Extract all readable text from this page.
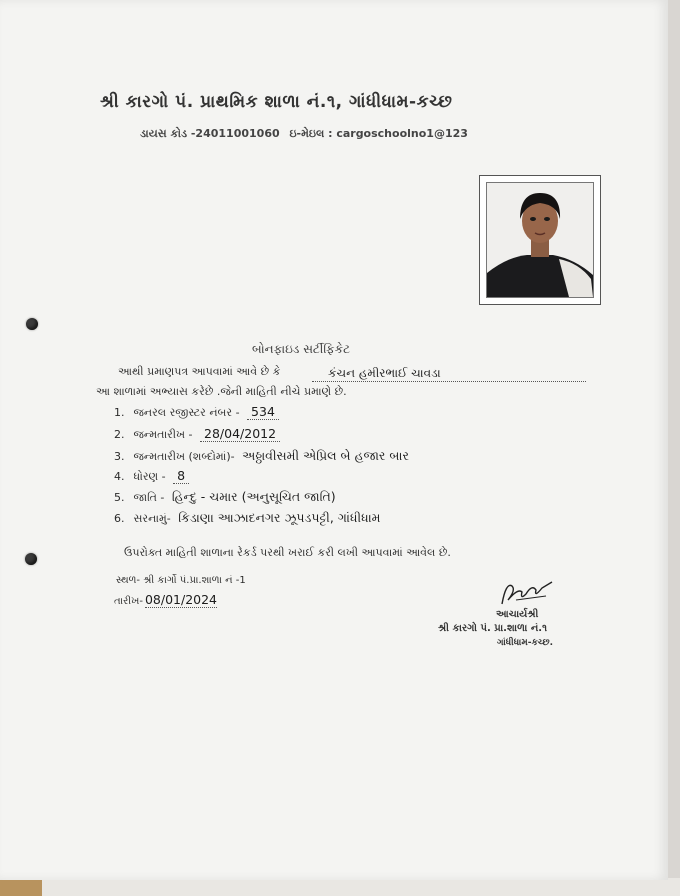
શ્રી કારગો પં. પ્રાથમિક શાળા નં.૧, ગાંધીધામ-કચ્છ
ડાયસ કોડ -24011001060 ઇ-મેઇલ : cargoschoolno1@123
બોનફાઇડ સર્ટીફિકેટ
આથી પ્રમાણપત્ર આપવામાં આવે છે કે	કંચન હમીરભાઈ ચાવડા
આ શાળામાં અભ્યાસ કરેછે .જેની માહિતી નીચે પ્રમાણે છે.
1. જનરલ રજીસ્ટર નંબર - 534
2. જન્મતારીખ - 28/04/2012
3. જન્મતારીખ (શબ્દોમાં)- અઠ્ઠાવીસમી એપ્રિલ બે હજાર બાર
4. ધોરણ - 8
5. જાતિ - હિન્દુ - ચમાર (અનુસૂચિત જાતિ)
6. સરનામું- કિડાણા આઝાદનગર ઝૂપડપટ્ટી, ગાંધીધામ
ઉપરોક્ત માહિતી શાળાના રેકર્ડ પરથી ખરાઈ કરી લખી આપવામાં આવેલ છે.
સ્થળ- શ્રી કાર્ગો પં.પ્રા.શાળા નં -1
તારીખ- 08/01/2024
આચાર્યશ્રી
શ્રી કારગો પં. પ્રા.શાળા નં.૧
ગાંધીધામ-કચ્છ.
